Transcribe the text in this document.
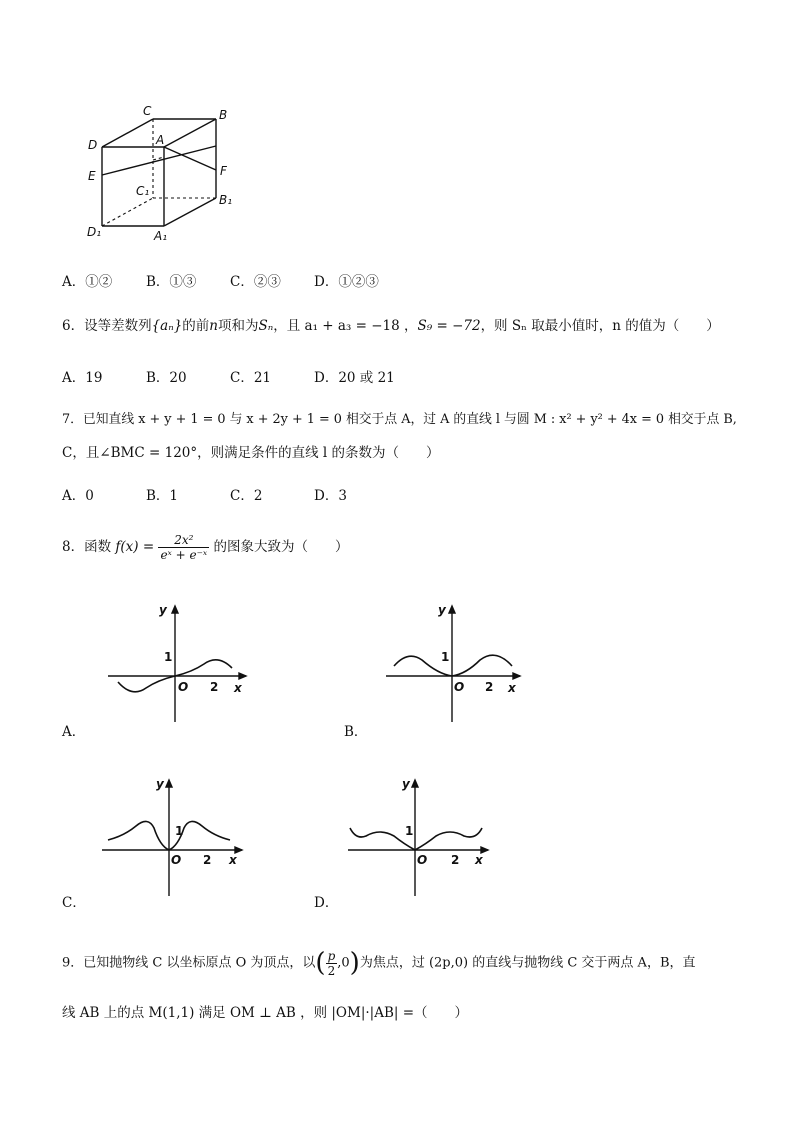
C	B
D	A
E	F
C₁
B₁
D₁	A₁
A．①②	B．①③ C．②③ D．①②③
6．设等差数列{aₙ}的前n项和为Sₙ，且 a₁ + a₃ = −18 ，S₉ = −72，则 Sₙ 取最小值时，n 的值为（　　）
A．19	B．20	C．21	D．20 或 21
7．已知直线 x + y + 1 = 0 与 x + 2y + 1 = 0 相交于点 A，过 A 的直线 l 与圆 M : x² + y² + 4x = 0 相交于点 B,
C，且∠BMC = 120°，则满足条件的直线 l 的条数为（　　）
A．0	B．1	C．2	D．3
8．函数 $f(x) = \frac{\text{2x²}}{\text{eˣ + e⁻ˣ}}$ 的图象大致为（　　）
y
x
1
O 2
A．
y
x
1
O 2
B．
y
x
1
O 2
C．
y
x
1
O 2
D．
9．已知抛物线 C 以坐标原点 O 为顶点，以( $\frac{p}{2} ,0$)为焦点，过 (2p,0) 的直线与抛物线 C 交于两点 A，B，直
线 AB 上的点 M(1,1) 满足 OM ⊥ AB ，则 |OM|·|AB| =（　　）
